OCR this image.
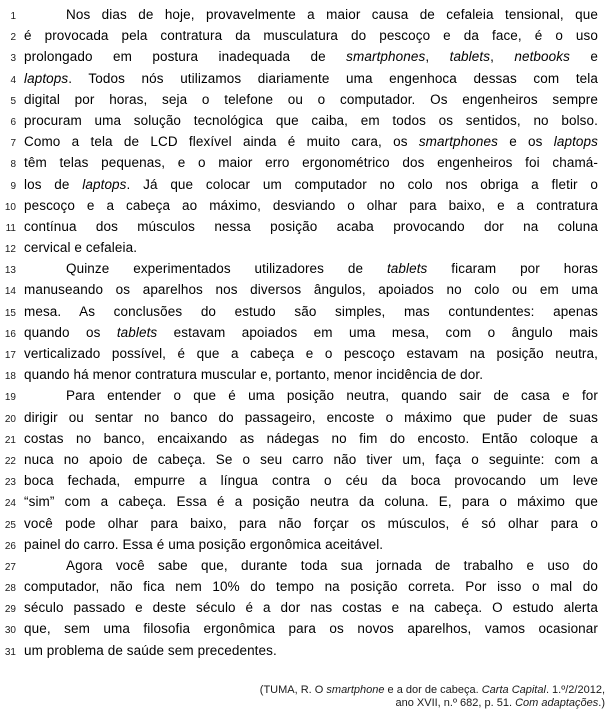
1	Nos dias de hoje, provavelmente a maior causa de cefaleia tensional, que
2 é provocada pela contratura da musculatura do pescoço e da face, é o uso
3 prolongado em postura inadequada de smartphones, tablets, netbooks e
4 laptops. Todos nós utilizamos diariamente uma engenhoca dessas com tela
5 digital por horas, seja o telefone ou o computador. Os engenheiros sempre
6 procuram uma solução tecnológica que caiba, em todos os sentidos, no bolso.
7 Como a tela de LCD flexível ainda é muito cara, os smartphones e os laptops
8 têm telas pequenas, e o maior erro ergonométrico dos engenheiros foi chamá-
9 los de laptops. Já que colocar um computador no colo nos obriga a fletir o
10 pescoço e a cabeça ao máximo, desviando o olhar para baixo, e a contratura
11 contínua dos músculos nessa posição acaba provocando dor na coluna
12 cervical e cefaleia.
13	Quinze experimentados utilizadores de tablets ficaram por horas
14 manuseando os aparelhos nos diversos ângulos, apoiados no colo ou em uma
15 mesa. As conclusões do estudo são simples, mas contundentes: apenas
16 quando os tablets estavam apoiados em uma mesa, com o ângulo mais
17 verticalizado possível, é que a cabeça e o pescoço estavam na posição neutra,
18 quando há menor contratura muscular e, portanto, menor incidência de dor.
19	Para entender o que é uma posição neutra, quando sair de casa e for
20 dirigir ou sentar no banco do passageiro, encoste o máximo que puder de suas
21 costas no banco, encaixando as nádegas no fim do encosto. Então coloque a
22 nuca no apoio de cabeça. Se o seu carro não tiver um, faça o seguinte: com a
23 boca fechada, empurre a língua contra o céu da boca provocando um leve
24 “sim” com a cabeça. Essa é a posição neutra da coluna. E, para o máximo que
25 você pode olhar para baixo, para não forçar os músculos, é só olhar para o
26 painel do carro. Essa é uma posição ergonômica aceitável.
27	Agora você sabe que, durante toda sua jornada de trabalho e uso do
28 computador, não fica nem 10% do tempo na posição correta. Por isso o mal do
29 século passado e deste século é a dor nas costas e na cabeça. O estudo alerta
30 que, sem uma filosofia ergonômica para os novos aparelhos, vamos ocasionar
31 um problema de saúde sem precedentes.
(TUMA, R. O smartphone e a dor de cabeça. Carta Capital. 1.º/2/2012,
ano XVII, n.º 682, p. 51. Com adaptações.)
